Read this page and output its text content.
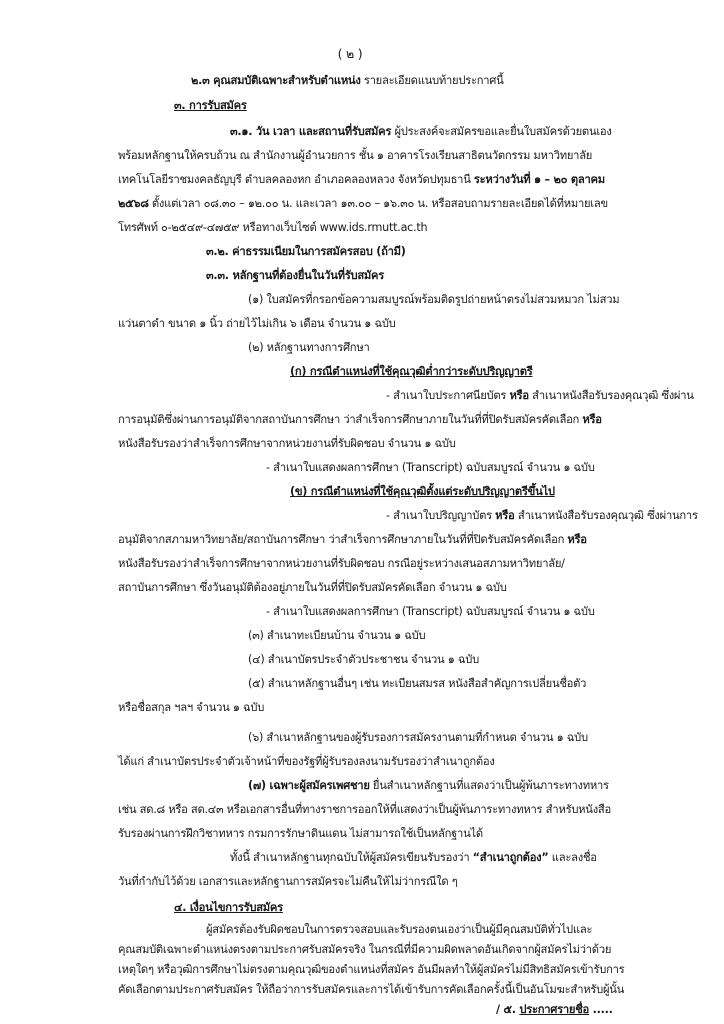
( ๒ )
๒.๓ คุณสมบัติเฉพาะสำหรับตำแหน่ง รายละเอียดแนบท้ายประกาศนี้
๓. การรับสมัคร
๓.๑. วัน เวลา และสถานที่รับสมัคร ผู้ประสงค์จะสมัครขอและยื่นใบสมัครด้วยตนเอง
พร้อมหลักฐานให้ครบถ้วน ณ สำนักงานผู้อำนวยการ ชั้น ๑ อาคารโรงเรียนสาธิตนวัตกรรม มหาวิทยาลัย
เทคโนโลยีราชมงคลธัญบุรี ตำบลคลองหก อำเภอคลองหลวง จังหวัดปทุมธานี ระหว่างวันที่ ๑ – ๒๐ ตุลาคม
๒๕๖๘ ตั้งแต่เวลา ๐๘.๓๐ – ๑๒.๐๐ น. และเวลา ๑๓.๐๐ – ๑๖.๓๐ น. หรือสอบถามรายละเอียดได้ที่หมายเลข
โทรศัพท์ ๐-๒๕๔๙-๔๗๕๙ หรือทางเว็บไซต์ www.ids.rmutt.ac.th
๓.๒. ค่าธรรมเนียมในการสมัครสอบ (ถ้ามี)
๓.๓. หลักฐานที่ต้องยื่นในวันที่รับสมัคร
(๑) ใบสมัครที่กรอกข้อความสมบูรณ์พร้อมติดรูปถ่ายหน้าตรงไม่สวมหมวก ไม่สวม
แว่นตาดำ ขนาด ๑ นิ้ว ถ่ายไว้ไม่เกิน ๖ เดือน จำนวน ๑ ฉบับ
(๒) หลักฐานทางการศึกษา
(ก) กรณีตำแหน่งที่ใช้คุณวุฒิต่ำกว่าระดับปริญญาตรี
- สำเนาใบประกาศนียบัตร หรือ สำเนาหนังสือรับรองคุณวุฒิ ซึ่งผ่าน
การอนุมัติซึ่งผ่านการอนุมัติจากสถาบันการศึกษา ว่าสำเร็จการศึกษาภายในวันที่ที่ปิดรับสมัครคัดเลือก หรือ
หนังสือรับรองว่าสำเร็จการศึกษาจากหน่วยงานที่รับผิดชอบ จำนวน ๑ ฉบับ
- สำเนาใบแสดงผลการศึกษา (Transcript) ฉบับสมบูรณ์ จำนวน ๑ ฉบับ
(ข) กรณีตำแหน่งที่ใช้คุณวุฒิตั้งแต่ระดับปริญญาตรีขึ้นไป
- สำเนาใบปริญญาบัตร หรือ สำเนาหนังสือรับรองคุณวุฒิ ซึ่งผ่านการ
อนุมัติจากสภามหาวิทยาลัย/สถาบันการศึกษา ว่าสำเร็จการศึกษาภายในวันที่ที่ปิดรับสมัครคัดเลือก หรือ
หนังสือรับรองว่าสำเร็จการศึกษาจากหน่วยงานที่รับผิดชอบ กรณีอยู่ระหว่างเสนอสภามหาวิทยาลัย/
สถาบันการศึกษา ซึ่งวันอนุมัติต้องอยู่ภายในวันที่ที่ปิดรับสมัครคัดเลือก จำนวน ๑ ฉบับ
- สำเนาใบแสดงผลการศึกษา (Transcript) ฉบับสมบูรณ์ จำนวน ๑ ฉบับ
(๓) สำเนาทะเบียนบ้าน จำนวน ๑ ฉบับ
(๔) สำเนาบัตรประจำตัวประชาชน จำนวน ๑ ฉบับ
(๕) สำเนาหลักฐานอื่นๆ เช่น ทะเบียนสมรส หนังสือสำคัญการเปลี่ยนชื่อตัว
หรือชื่อสกุล ฯลฯ จำนวน ๑ ฉบับ
(๖) สำเนาหลักฐานของผู้รับรองการสมัครงานตามที่กำหนด จำนวน ๑ ฉบับ
ได้แก่ สำเนาบัตรประจำตัวเจ้าหน้าที่ของรัฐที่ผู้รับรองลงนามรับรองว่าสำเนาถูกต้อง
(๗) เฉพาะผู้สมัครเพศชาย ยื่นสำเนาหลักฐานที่แสดงว่าเป็นผู้พ้นภาระทางทหาร
เช่น สด.๘ หรือ สด.๔๓ หรือเอกสารอื่นที่ทางราชการออกให้ที่แสดงว่าเป็นผู้พ้นภาระทางทหาร สำหรับหนังสือ
รับรองผ่านการฝึกวิชาทหาร กรมการรักษาดินแดน ไม่สามารถใช้เป็นหลักฐานได้
ทั้งนี้ สำเนาหลักฐานทุกฉบับให้ผู้สมัครเขียนรับรองว่า “สำเนาถูกต้อง” และลงชื่อ
วันที่กำกับไว้ด้วย เอกสารและหลักฐานการสมัครจะไม่คืนให้ไม่ว่ากรณีใด ๆ
๔. เงื่อนไขการรับสมัคร
ผู้สมัครต้องรับผิดชอบในการตรวจสอบและรับรองตนเองว่าเป็นผู้มีคุณสมบัติทั่วไปและ
คุณสมบัติเฉพาะตำแหน่งตรงตามประกาศรับสมัครจริง ในกรณีที่มีความผิดพลาดอันเกิดจากผู้สมัครไม่ว่าด้วย
เหตุใดๆ หรือวุฒิการศึกษาไม่ตรงตามคุณวุฒิของตำแหน่งที่สมัคร อันมีผลทำให้ผู้สมัครไม่มีสิทธิสมัครเข้ารับการ
คัดเลือกตามประกาศรับสมัคร ให้ถือว่าการรับสมัครและการได้เข้ารับการคัดเลือกครั้งนี้เป็นอันโมฆะสำหรับผู้นั้น
/ ๕. ประกาศรายชื่อ .....
